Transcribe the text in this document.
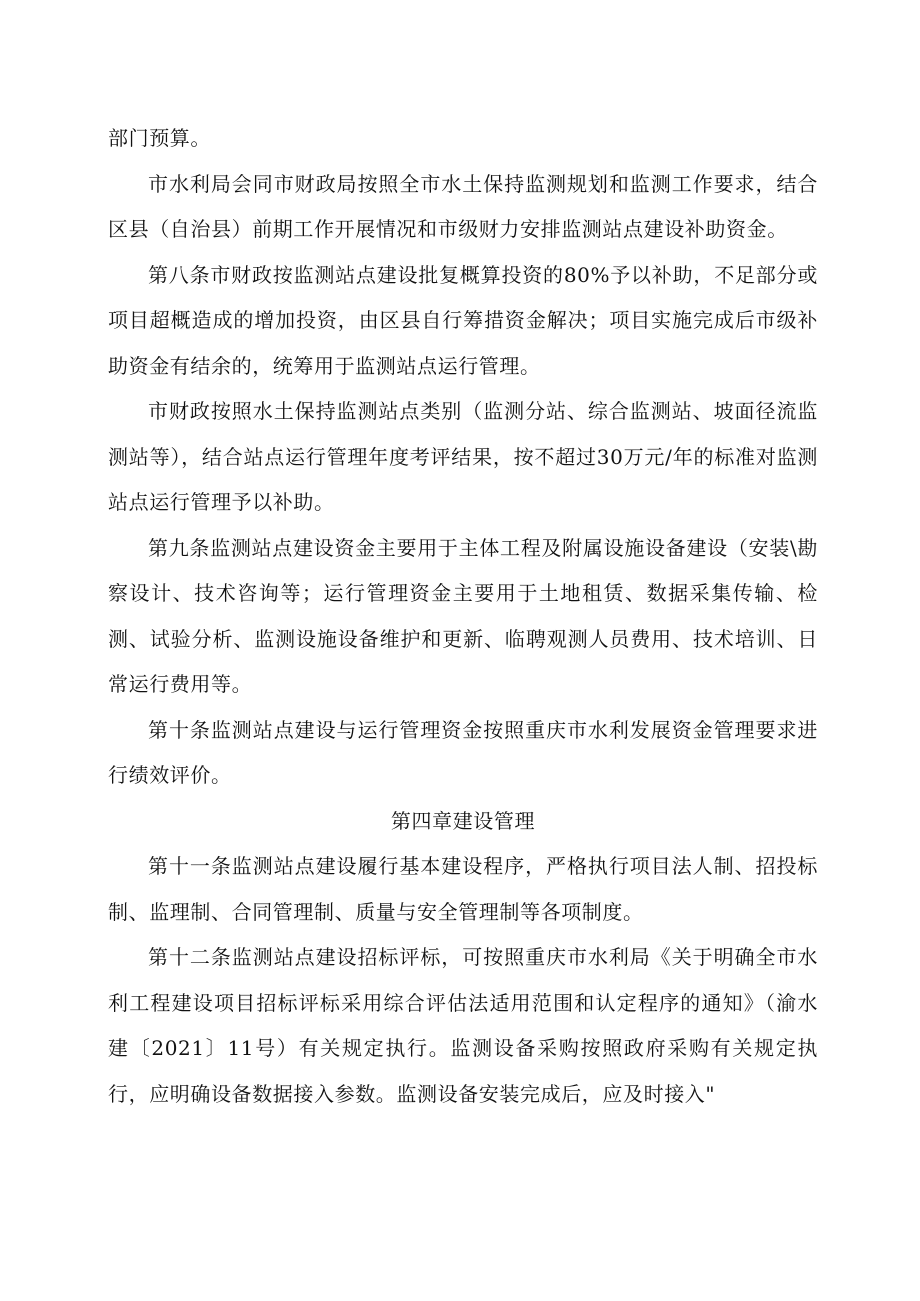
部门预算。

市水利局会同市财政局按照全市水土保持监测规划和监测工作要求，结合区县（自治县）前期工作开展情况和市级财力安排监测站点建设补助资金。

第八条市财政按监测站点建设批复概算投资的80%予以补助，不足部分或项目超概造成的增加投资，由区县自行筹措资金解决；项目实施完成后市级补助资金有结余的，统筹用于监测站点运行管理。

市财政按照水土保持监测站点类别（监测分站、综合监测站、坡面径流监测站等），结合站点运行管理年度考评结果，按不超过30万元/年的标准对监测站点运行管理予以补助。

第九条监测站点建设资金主要用于主体工程及附属设施设备建设（安装\勘察设计、技术咨询等；运行管理资金主要用于土地租赁、数据采集传输、检测、试验分析、监测设施设备维护和更新、临聘观测人员费用、技术培训、日常运行费用等。

第十条监测站点建设与运行管理资金按照重庆市水利发展资金管理要求进行绩效评价。

第四章建设管理

第十一条监测站点建设履行基本建设程序，严格执行项目法人制、招投标制、监理制、合同管理制、质量与安全管理制等各项制度。

第十二条监测站点建设招标评标，可按照重庆市水利局《关于明确全市水利工程建设项目招标评标采用综合评估法适用范围和认定程序的通知》（渝水建〔2021〕11号）有关规定执行。监测设备采购按照政府采购有关规定执行，应明确设备数据接入参数。监测设备安装完成后，应及时接入"
